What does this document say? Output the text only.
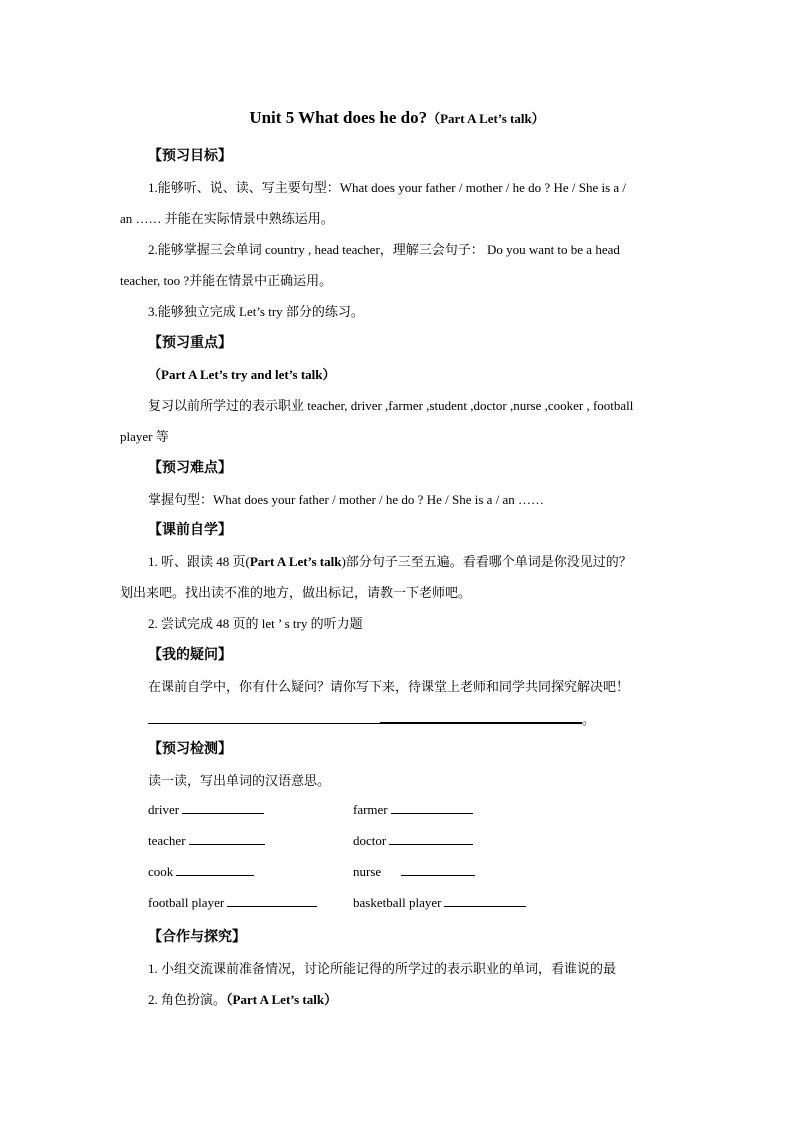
Unit 5 What does he do?（Part A Let’s talk）
【预习目标】
1.能够听、说、读、写主要句型：What does your father / mother / he do ? He / She is a /
an …… 并能在实际情景中熟练运用。
2.能够掌握三会单词 country , head teacher，理解三会句子： Do you want to be a head
teacher, too ?并能在情景中正确运用。
3.能够独立完成 Let’s try 部分的练习。
【预习重点】
（Part A Let’s try and let’s talk）
复习以前所学过的表示职业 teacher, driver ,farmer ,student ,doctor ,nurse ,cooker , football
player 等
【预习难点】
掌握句型：What does your father / mother / he do ? He / She is a / an ……
【课前自学】
1. 听、跟读 48 页(Part A Let’s talk)部分句子三至五遍。看看哪个单词是你没见过的？
划出来吧。找出读不准的地方，做出标记，请教一下老师吧。
2. 尝试完成 48 页的 let ’ s try 的听力题
【我的疑问】
在课前自学中，你有什么疑问？请你写下来，待课堂上老师和同学共同探究解决吧！
。
【预习检测】
读一读，写出单词的汉语意思。
driver	farmer
teacher	doctor
cook	nurse
football player	basketball player
【合作与探究】
1. 小组交流课前准备情况，讨论所能记得的所学过的表示职业的单词，看谁说的最
2. 角色扮演。（Part A Let’s talk）
